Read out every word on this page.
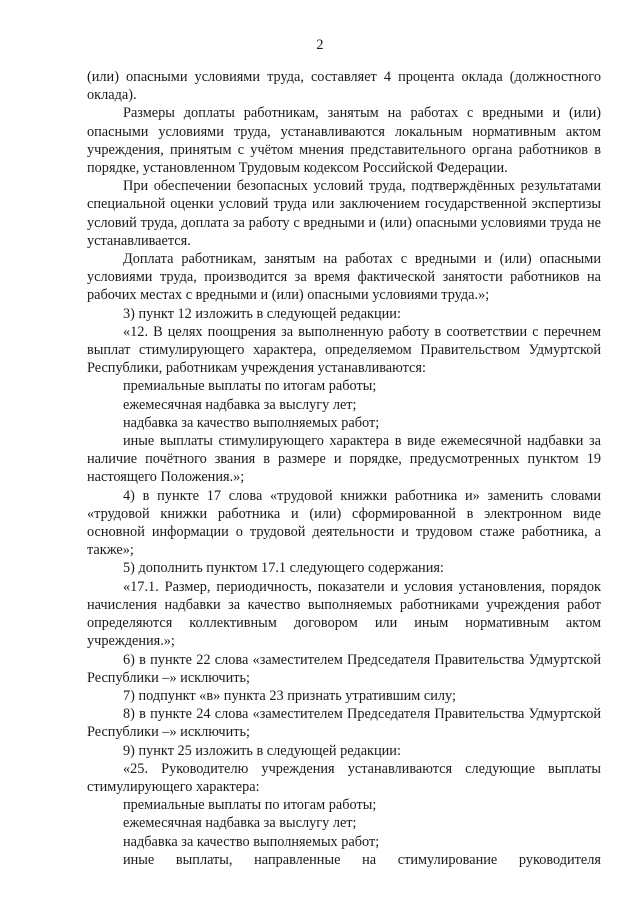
2

(или) опасными условиями труда, составляет 4 процента оклада (должностного оклада).

Размеры доплаты работникам, занятым на работах с вредными и (или) опасными условиями труда, устанавливаются локальным нормативным актом учреждения, принятым с учётом мнения представительного органа работников в порядке, установленном Трудовым кодексом Российской Федерации.

При обеспечении безопасных условий труда, подтверждённых результатами специальной оценки условий труда или заключением государственной экспертизы условий труда, доплата за работу с вредными и (или) опасными условиями труда не устанавливается.

Доплата работникам, занятым на работах с вредными и (или) опасными условиями труда, производится за время фактической занятости работников на рабочих местах с вредными и (или) опасными условиями труда.»;

3) пункт 12 изложить в следующей редакции:

«12. В целях поощрения за выполненную работу в соответствии с перечнем выплат стимулирующего характера, определяемом Правительством Удмуртской Республики, работникам учреждения устанавливаются:

премиальные выплаты по итогам работы;

ежемесячная надбавка за выслугу лет;

надбавка за качество выполняемых работ;

иные выплаты стимулирующего характера в виде ежемесячной надбавки за наличие почётного звания в размере и порядке, предусмотренных пунктом 19 настоящего Положения.»;

4) в пункте 17 слова «трудовой книжки работника и» заменить словами «трудовой книжки работника и (или) сформированной в электронном виде основной информации о трудовой деятельности и трудовом стаже работника, а также»;

5) дополнить пунктом 17.1 следующего содержания:

«17.1. Размер, периодичность, показатели и условия установления, порядок начисления надбавки за качество выполняемых работниками учреждения работ определяются коллективным договором или иным нормативным актом учреждения.»;

6) в пункте 22 слова «заместителем Председателя Правительства Удмуртской Республики –» исключить;

7) подпункт «в» пункта 23 признать утратившим силу;

8) в пункте 24 слова «заместителем Председателя Правительства Удмуртской Республики –» исключить;

9) пункт 25 изложить в следующей редакции:

«25. Руководителю учреждения устанавливаются следующие выплаты стимулирующего характера:

премиальные выплаты по итогам работы;

ежемесячная надбавка за выслугу лет;

надбавка за качество выполняемых работ;

иные выплаты, направленные на стимулирование руководителя
